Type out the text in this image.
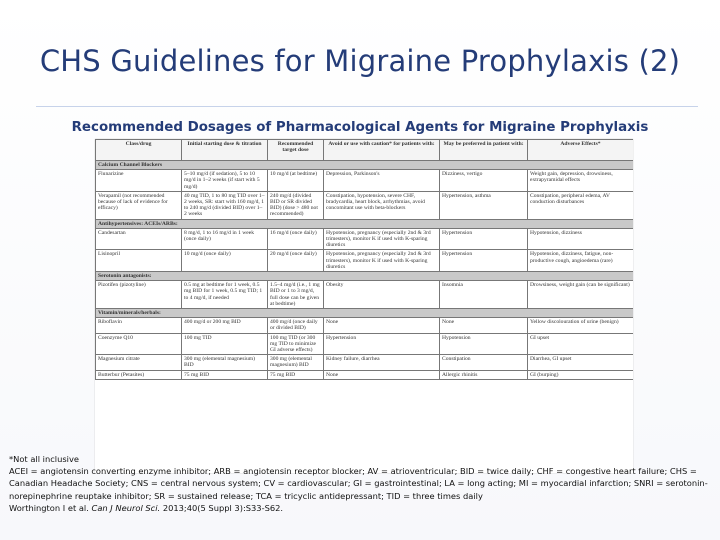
CHS Guidelines for Migraine Prophylaxis (2)
Recommended Dosages of Pharmacological Agents for Migraine Prophylaxis
Class/drug	Initial starting dose & titration	Recommended target dose	Avoid or use with caution* for patients with:	May be preferred in patient with:	Adverse Effects*
Calcium Channel Blockers					
Flunarizine	5–10 mg/d (if sedation), 5 to 10 mg/d in 1–2 weeks (if start with 5 mg/d)	10 mg/d (at bedtime)	Depression, Parkinson's	Dizziness, vertigo	Weight gain, depression, drowsiness, extrapyramidal effects
Verapamil (not recommended because of lack of evidence for efficacy)	40 mg TID, 1 to 80 mg TID over 1–2 weeks, SR: start with 160 mg/d, 1 to 240 mg/d (divided BID) over 1–2 weeks	240 mg/d (divided BID or SR divided BID) (dose > 480 not recommended)	Constipation, hypotension, severe CHF, bradycardia, heart block, arrhythmias, avoid concomitant use with beta-blockers	Hypertension, asthma	Constipation, peripheral edema, AV conduction disturbances
Antihypertensives: ACEIs/ARBs:					
Candesartan	8 mg/d, 1 to 16 mg/d in 1 week (once daily)	16 mg/d (once daily)	Hypotension, pregnancy (especially 2nd & 3rd trimesters), monitor K if used with K-sparing diuretics	Hypertension	Hypotension, dizziness
Lisinopril	10 mg/d (once daily)	20 mg/d (once daily)	Hypotension, pregnancy (especially 2nd & 3rd trimesters), monitor K if used with K-sparing diuretics	Hypertension	Hypotension, dizziness, fatigue, non-productive cough, angioedema (rare)
Serotonin antagonists:					
Pizotifen (pizotyline)	0.5 mg at bedtime for 1 week, 0.5 mg BID for 1 week, 0.5 mg TID; 1 to 4 mg/d, if needed	1.5–4 mg/d (i.e., 1 mg BID or 1 to 3 mg/d, full dose can be given at bedtime)	Obesity	Insomnia	Drowsiness, weight gain (can be significant)
Vitamin/minerals/herbals:					
Riboflavin	400 mg/d or 200 mg BID	400 mg/d (once daily or divided BID)	None	None	Yellow discolouration of urine (benign)
Coenzyme Q10	100 mg TID	100 mg TID (or 300 mg TID to minimize GI adverse effects)	Hypertension	Hypotension	GI upset
Magnesium citrate	300 mg (elemental magnesium) BID	300 mg (elemental magnesium) BID	Kidney failure, diarrhea	Constipation	Diarrhea, GI upset
Butterbur (Petasites)	75 mg BID	75 mg BID	None	Allergic rhinitis	GI (burping)

*Not all inclusive

ACEI = angiotensin converting enzyme inhibitor; ARB = angiotensin receptor blocker; AV = atrioventricular; BID = twice daily; CHF = congestive heart failure; CHS = Canadian Headache Society; CNS = central nervous system; CV = cardiovascular; GI = gastrointestinal; LA = long acting; MI = myocardial infarction; SNRI = serotonin-norepinephrine reuptake inhibitor; SR = sustained release; TCA = tricyclic antidepressant; TID = three times daily

Worthington I et al. Can J Neurol Sci. 2013;40(5 Suppl 3):S33-S62.
